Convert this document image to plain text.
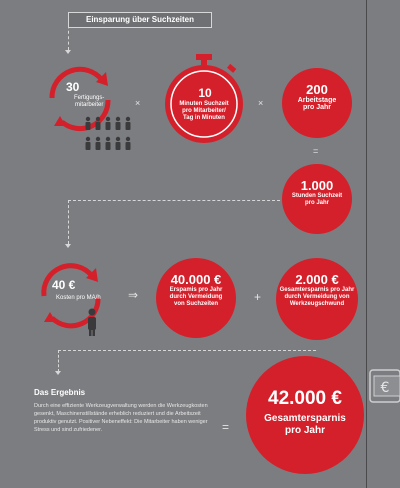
Einsparung über Suchzeiten
30
Fertigungs-
mitarbeiter	×
10
Minuten Suchzeit
pro Mitarbeiter/
Tag in Minuten
×
200
Arbeitstage
pro Jahr
=
1.000
Stunden Suchzeit
pro Jahr
40 €
Kosten pro MA/h ⇒
40.000 €
Erspamis pro Jahr
durch Vermeidung
von Suchzeiten	+
2.000 €
Gesamtersparnis pro Jahr
durch Vermeidung von
Werkzeugschwund
Das Ergebnis
Durch eine effiziente Werkzeugverwaltung werden die Werkzeugkosten gesenkt, Maschinenstillstände erheblich reduziert und die Arbeitszeit produktiv genutzt. Positiver Nebeneffekt: Die Mitarbeiter haben weniger Stress und sind zufriedener.	=
42.000 €
Gesamtersparnis
pro Jahr
€
